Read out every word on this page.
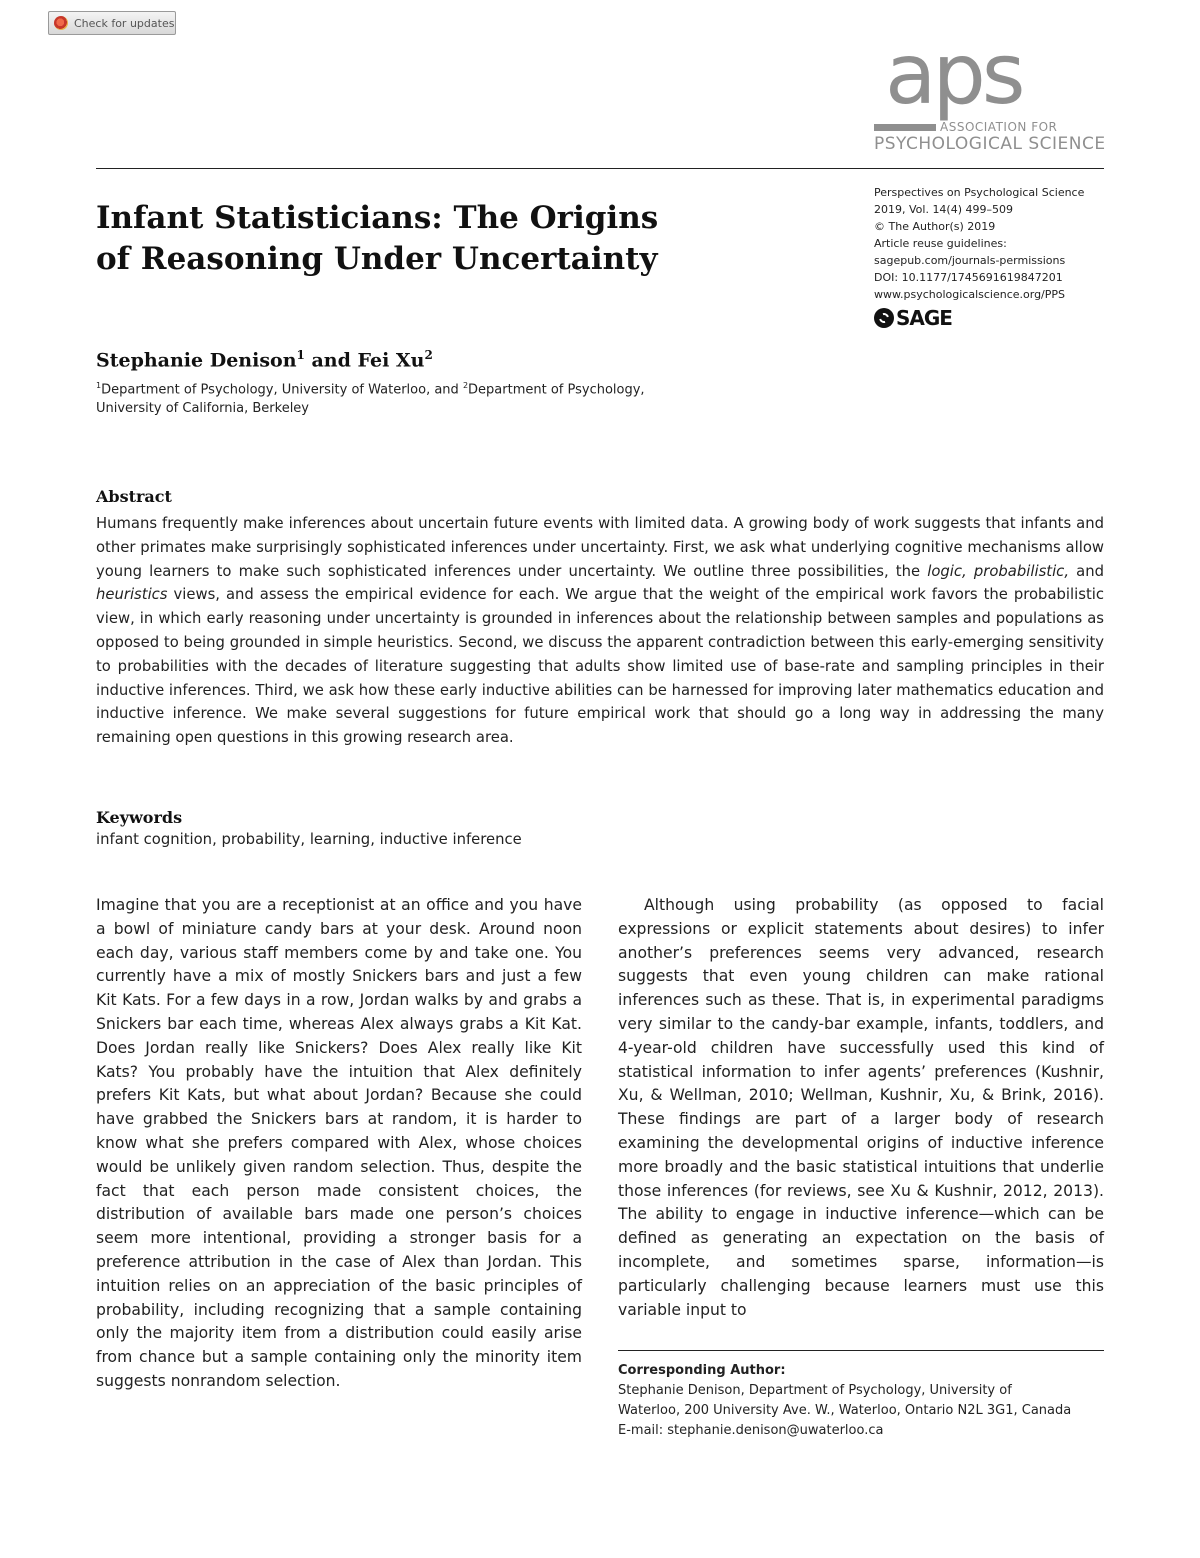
Check for updates
aps
ASSOCIATION FOR
PSYCHOLOGICAL SCIENCE
Infant Statisticians: The Origins
of Reasoning Under Uncertainty
Perspectives on Psychological Science
2019, Vol. 14(4) 499–509
© The Author(s) 2019
Article reuse guidelines:
sagepub.com/journals-permissions
DOI: 10.1177/1745691619847201
www.psychologicalscience.org/PPS
SAGE
Stephanie Denison$^1$ and Fei Xu$^2$
$^1$Department of Psychology, University of Waterloo, and $^2$Department of Psychology,
University of California, Berkeley
Abstract

Humans frequently make inferences about uncertain future events with limited data. A growing body of work suggests that infants and other primates make surprisingly sophisticated inferences under uncertainty. First, we ask what underlying cognitive mechanisms allow young learners to make such sophisticated inferences under uncertainty. We outline three possibilities, the logic, probabilistic, and heuristics views, and assess the empirical evidence for each. We argue that the weight of the empirical work favors the probabilistic view, in which early reasoning under uncertainty is grounded in inferences about the relationship between samples and populations as opposed to being grounded in simple heuristics. Second, we discuss the apparent contradiction between this early-emerging sensitivity to probabilities with the decades of literature suggesting that adults show limited use of base-rate and sampling principles in their inductive inferences. Third, we ask how these early inductive abilities can be harnessed for improving later mathematics education and inductive inference. We make several suggestions for future empirical work that should go a long way in addressing the many remaining open questions in this growing research area.

Keywords
infant cognition, probability, learning, inductive inference

Imagine that you are a receptionist at an office and you have a bowl of miniature candy bars at your desk. Around noon each day, various staff members come by and take one. You currently have a mix of mostly Snickers bars and just a few Kit Kats. For a few days in a row, Jordan walks by and grabs a Snickers bar each time, whereas Alex always grabs a Kit Kat. Does Jordan really like Snickers? Does Alex really like Kit Kats? You probably have the intuition that Alex definitely prefers Kit Kats, but what about Jordan? Because she could have grabbed the Snickers bars at random, it is harder to know what she prefers compared with Alex, whose choices would be unlikely given random selection. Thus, despite the fact that each person made consistent choices, the distribution of available bars made one person’s choices seem more intentional, providing a stronger basis for a preference attribution in the case of Alex than Jordan. This intuition relies on an appreciation of the basic principles of probability, including recognizing that a sample containing only the majority item from a distribution could easily arise from chance but a sample containing only the minority item suggests nonrandom selection.

Although using probability (as opposed to facial expressions or explicit statements about desires) to infer another’s preferences seems very advanced, research suggests that even young children can make rational inferences such as these. That is, in experimental paradigms very similar to the candy-bar example, infants, toddlers, and 4-year-old children have successfully used this kind of statistical information to infer agents’ preferences (Kushnir, Xu, & Wellman, 2010; Wellman, Kushnir, Xu, & Brink, 2016). These findings are part of a larger body of research examining the developmental origins of inductive inference more broadly and the basic statistical intuitions that underlie those inferences (for reviews, see Xu & Kushnir, 2012, 2013). The ability to engage in inductive inference—which can be defined as generating an expectation on the basis of incomplete, and sometimes sparse, information—is particularly challenging because learners must use this variable input to

Corresponding Author:
Stephanie Denison, Department of Psychology, University of
Waterloo, 200 University Ave. W., Waterloo, Ontario N2L 3G1, Canada
E-mail: stephanie.denison@uwaterloo.ca
